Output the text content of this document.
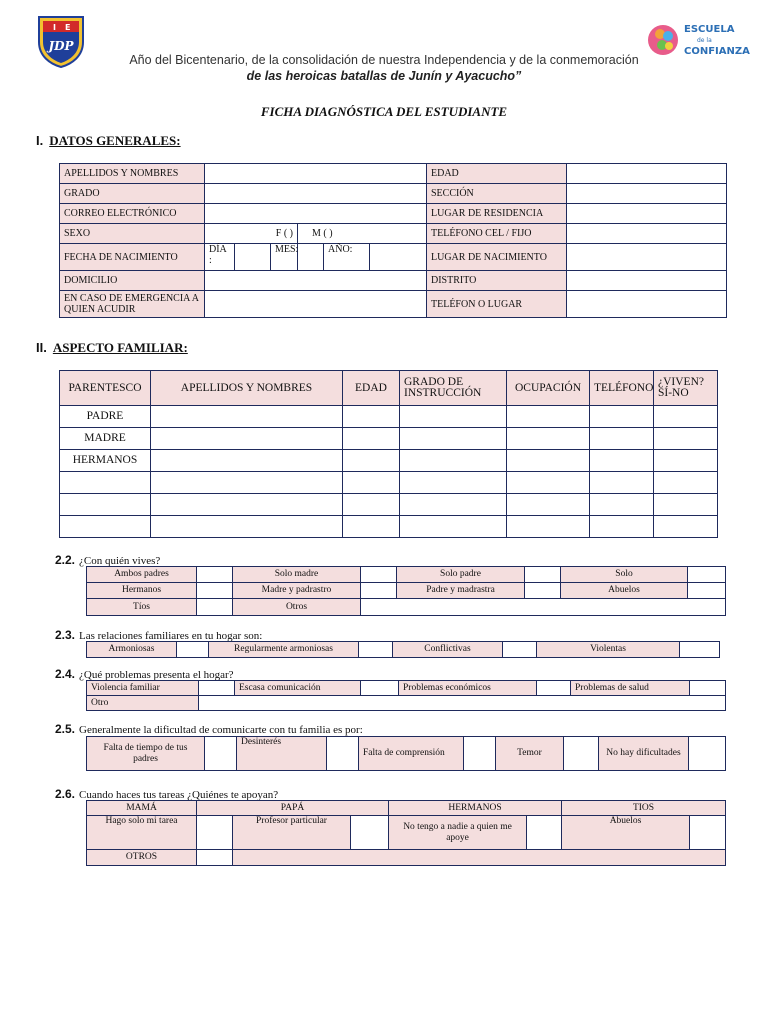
I E
JDP
ESCUELA
de la
CONFIANZA
Año del Bicentenario, de la consolidación de nuestra Independencia y de la conmemoración
de las heroicas batallas de Junín y Ayacucho”
FICHA DIAGNÓSTICA DEL ESTUDIANTE
I. DATOS GENERALES:
APELLIDOS Y NOMBRES							EDAD	
GRADO							SECCIÓN	
CORREO ELECTRÓNICO							LUGAR DE RESIDENCIA	
SEXO	F ( )			M ( )			TELÉFONO CEL / FIJO	
FECHA DE NACIMIENTO	DÍA :		MES:		AÑO:		LUGAR DE NACIMIENTO	
DOMICILIO							DISTRITO	
EN CASO DE EMERGENCIA A QUIEN ACUDIR							TELÉFON O LUGAR	
II. ASPECTO FAMILIAR:
PARENTESCO	APELLIDOS Y NOMBRES	EDAD	GRADO DE INSTRUCCIÓN	OCUPACIÓN	TELÉFONO	¿VIVEN? SÍ-NO
PADRE						
MADRE						
HERMANOS						

2.2. ¿Con quién vives?
Ambos padres		Solo madre		Solo padre		Solo	
Hermanos		Madre y padrastro		Padre y madrastra		Abuelos	
Tíos		Otros					
2.3. Las relaciones familiares en tu hogar son:
Armoniosas		Regularmente armoniosas		Conflictivas		Violentas	
2.4. ¿Qué problemas presenta el hogar?
Violencia familiar		Escasa comunicación		Problemas económicos		Problemas de salud	
Otro							
2.5. Generalmente la dificultad de comunicarte con tu familia es por:
Falta de tiempo de tus padres		Desinterés		Falta de comprensión		Temor		No hay dificultades	
2.6. Cuando haces tus tareas ¿Quiénes te apoyan?
MAMÁ	PAPÁ			HERMANOS		TIOS	
Hago solo mi tarea		Profesor particular		No tengo a nadie a quien me apoye		Abuelos	
OTROS							
